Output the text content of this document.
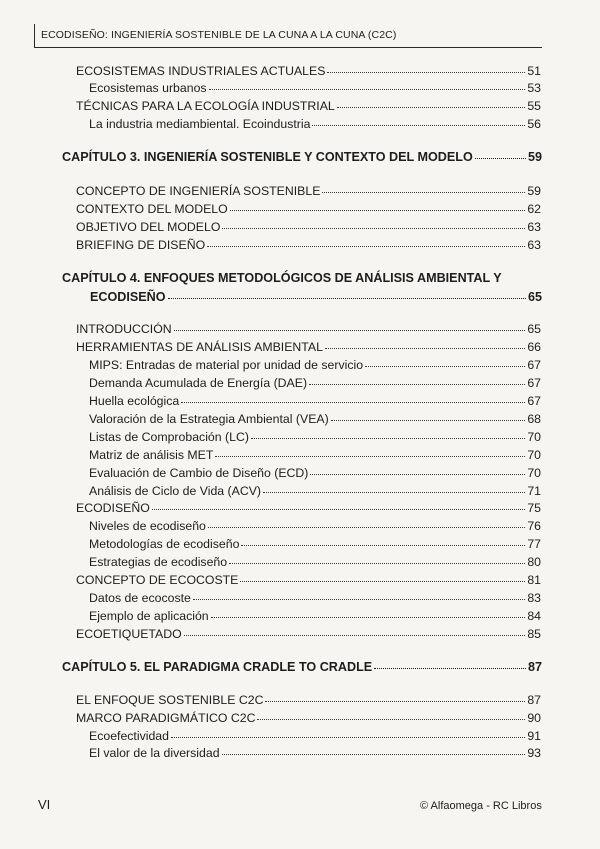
ECODISEÑO: INGENIERÍA SOSTENIBLE DE LA CUNA A LA CUNA (C2C)
ECOSISTEMAS INDUSTRIALES ACTUALES	51
Ecosistemas urbanos	53
TÉCNICAS PARA LA ECOLOGÍA INDUSTRIAL	55
La industria mediambiental. Ecoindustria	56
CAPÍTULO 3. INGENIERÍA SOSTENIBLE Y CONTEXTO DEL MODELO	59
CONCEPTO DE INGENIERÍA SOSTENIBLE	59
CONTEXTO DEL MODELO	62
OBJETIVO DEL MODELO	63
BRIEFING DE DISEÑO	63
CAPÍTULO 4. ENFOQUES METODOLÓGICOS DE ANÁLISIS AMBIENTAL Y
ECODISEÑO	65
INTRODUCCIÓN	65
HERRAMIENTAS DE ANÁLISIS AMBIENTAL	66
MIPS: Entradas de material por unidad de servicio	67
Demanda Acumulada de Energía (DAE)	67
Huella ecológica	67
Valoración de la Estrategia Ambiental (VEA)	68
Listas de Comprobación (LC)	70
Matriz de análisis MET	70
Evaluación de Cambio de Diseño (ECD)	70
Análisis de Ciclo de Vida (ACV)	71
ECODISEÑO	75
Niveles de ecodiseño	76
Metodologías de ecodiseño	77
Estrategias de ecodiseño	80
CONCEPTO DE ECOCOSTE	81
Datos de ecocoste	83
Ejemplo de aplicación	84
ECOETIQUETADO	85
CAPÍTULO 5. EL PARADIGMA CRADLE TO CRADLE	87
EL ENFOQUE SOSTENIBLE C2C	87
MARCO PARADIGMÁTICO C2C	90
Ecoefectividad	91
El valor de la diversidad	93
VI	© Alfaomega - RC Libros
